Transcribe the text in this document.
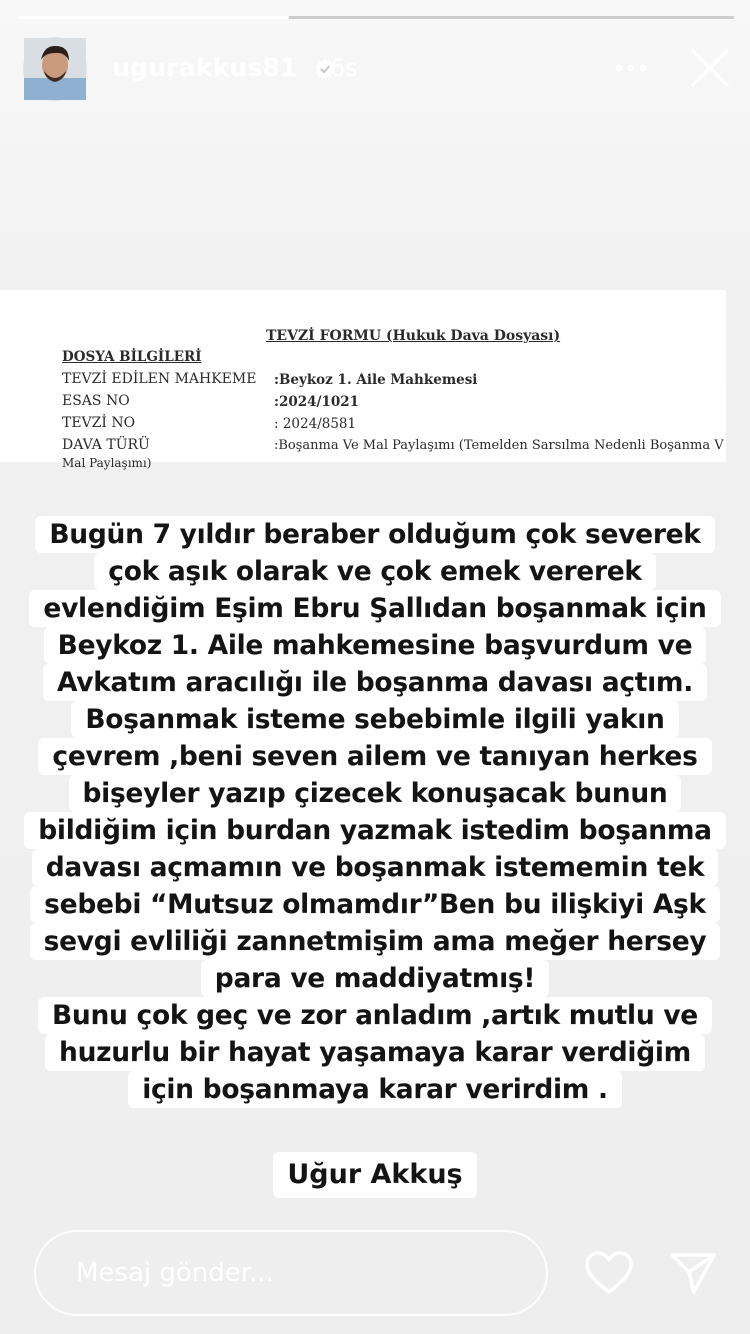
ugurakkus81 6s
TEVZİ FORMU (Hukuk Dava Dosyası)
DOSYA BİLGİLERİ
TEVZİ EDİLEN MAHKEME :Beykoz 1. Aile Mahkemesi
ESAS NO	:2024/1021
TEVZİ NO	: 2024/8581
DAVA TÜRÜ	:Boşanma Ve Mal Paylaşımı (Temelden Sarsılma Nedenli Boşanma V
Mal Paylaşımı)
Bugün 7 yıldır beraber olduğum çok severek
çok aşık olarak ve çok emek vererek
evlendiğim Eşim Ebru Şallıdan boşanmak için
Beykoz 1. Aile mahkemesine başvurdum ve
Avkatım aracılığı ile boşanma davası açtım.
Boşanmak isteme sebebimle ilgili yakın
çevrem ,beni seven ailem ve tanıyan herkes
bişeyler yazıp çizecek konuşacak bunun
bildiğim için burdan yazmak istedim boşanma
davası açmamın ve boşanmak istememin tek
sebebi “Mutsuz olmamdır”Ben bu ilişkiyi Aşk
sevgi evliliği zannetmişim ama meğer hersey
para ve maddiyatmış!
Bunu çok geç ve zor anladım ,artık mutlu ve
huzurlu bir hayat yaşamaya karar verdiğim
için boşanmaya karar verirdim .
Uğur Akkuş
Mesaj gönder...
